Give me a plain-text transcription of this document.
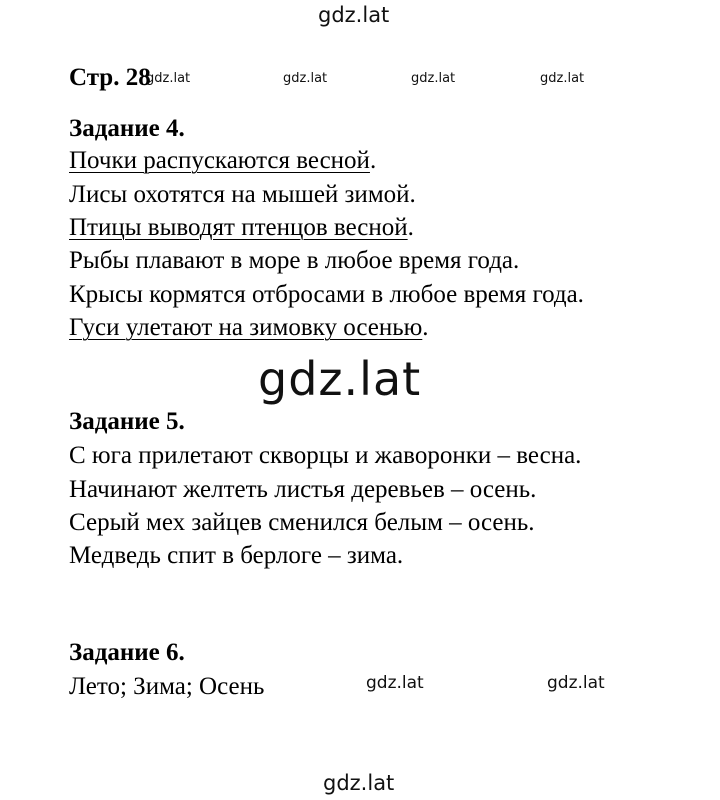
gdz.lat
gdz.lat	gdz.lat	gdz.lat	gdz.lat
gdz.lat
gdz.lat	gdz.lat
gdz.lat
Стр. 28
Задание 4.
Почки распускаются весной.
Лисы охотятся на мышей зимой.
Птицы выводят птенцов весной.
Рыбы плавают в море в любое время года.
Крысы кормятся отбросами в любое время года.
Гуси улетают на зимовку осенью.
Задание 5.
С юга прилетают скворцы и жаворонки – весна.
Начинают желтеть листья деревьев – осень.
Серый мех зайцев сменился белым – осень.
Медведь спит в берлоге – зима.
Задание 6.
Лето; Зима; Осень
